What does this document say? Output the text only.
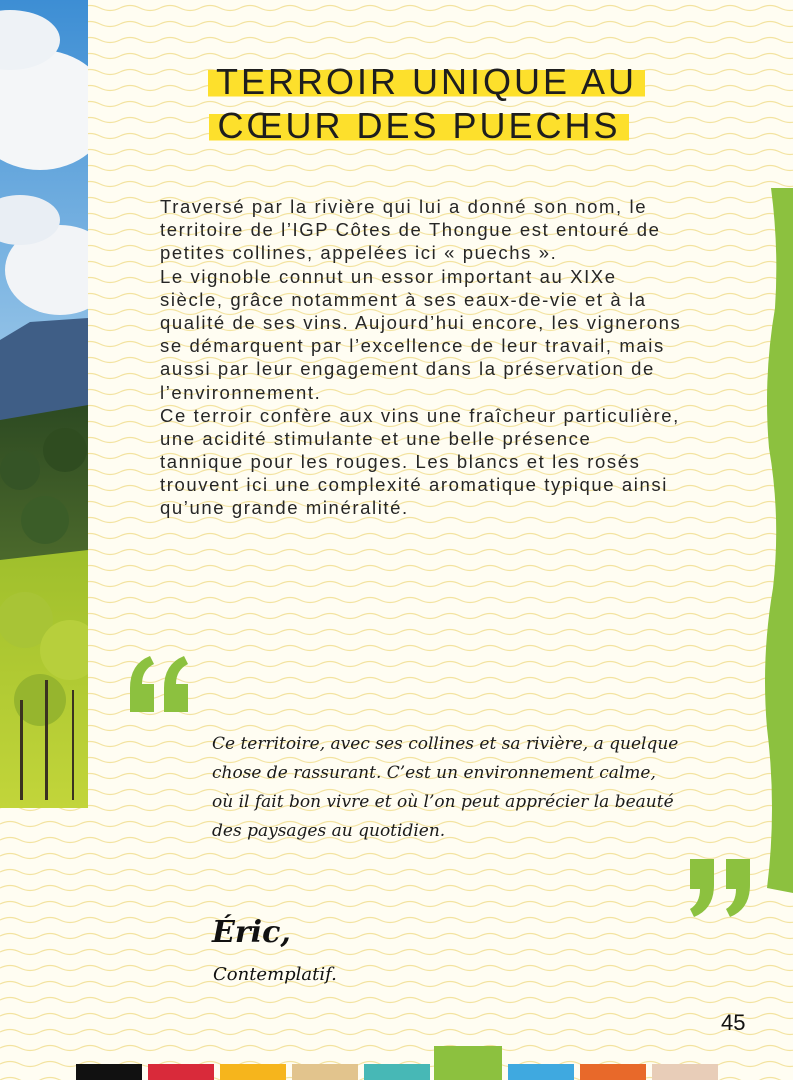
TERROIR UNIQUE AU
CŒUR DES PUECHS
Traversé par la rivière qui lui a donné son nom, le
territoire de l’IGP Côtes de Thongue est entouré de
petites collines, appelées ici « puechs ».
Le vignoble connut un essor important au XIXe
siècle, grâce notamment à ses eaux-de-vie et à la
qualité de ses vins. Aujourd’hui encore, les vignerons
se démarquent par l’excellence de leur travail, mais
aussi par leur engagement dans la préservation de
l’environnement.
Ce terroir confère aux vins une fraîcheur particulière,
une acidité stimulante et une belle présence
tannique pour les rouges. Les blancs et les rosés
trouvent ici une complexité aromatique typique ainsi
qu’une grande minéralité.
Ce territoire, avec ses collines et sa rivière, a quelque
chose de rassurant. C’est un environnement calme,
où il fait bon vivre et où l’on peut apprécier la beauté
des paysages au quotidien.
Éric,
Contemplatif.
45
